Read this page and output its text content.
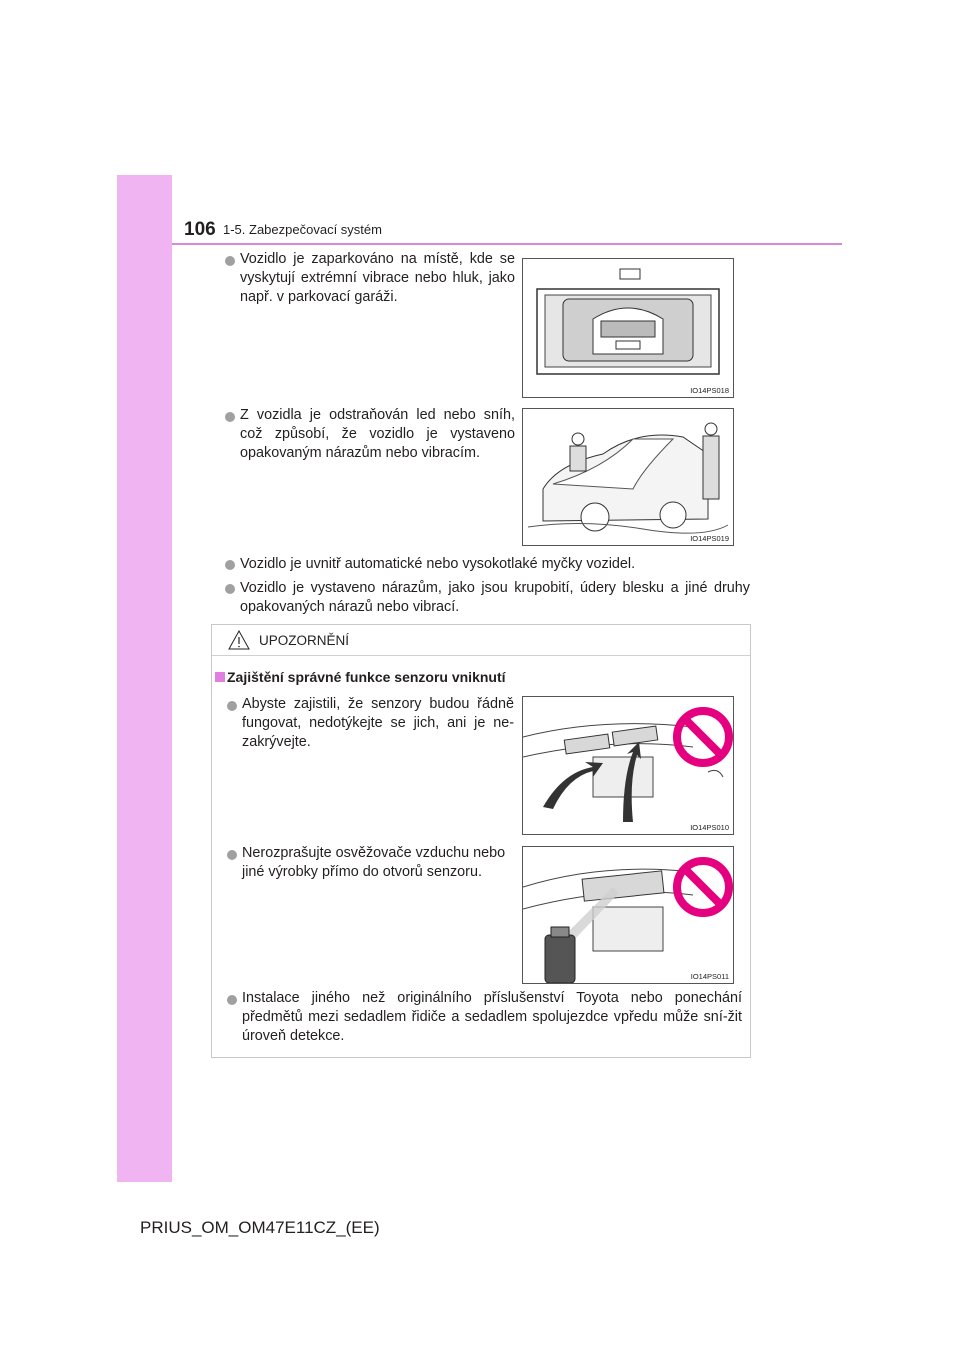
106 1-5. Zabezpečovací systém
Vozidlo je zaparkováno na místě, kde se vyskytují extrémní vibrace nebo hluk, jako např. v parkovací garáži.
IO14PS018
Z vozidla je odstraňován led nebo sníh, což způsobí, že vozidlo je vystaveno opakovaným nárazům nebo vibracím.
IO14PS019
Vozidlo je uvnitř automatické nebo vysokotlaké myčky vozidel.
Vozidlo je vystaveno nárazům, jako jsou krupobití, údery blesku a jiné druhy opakovaných nárazů nebo vibrací.
UPOZORNĚNÍ
Zajištění správné funkce senzoru vniknutí
Abyste zajistili, že senzory budou řádně fungovat, nedotýkejte se jich, ani je ne-zakrývejte.
IO14PS010
Nerozprašujte osvěžovače vzduchu nebo jiné výrobky přímo do otvorů senzoru.
IO14PS011
Instalace jiného než originálního příslušenství Toyota nebo ponechání předmětů mezi sedadlem řidiče a sedadlem spolujezdce vpředu může sní-žit úroveň detekce.
PRIUS_OM_OM47E11CZ_(EE)
